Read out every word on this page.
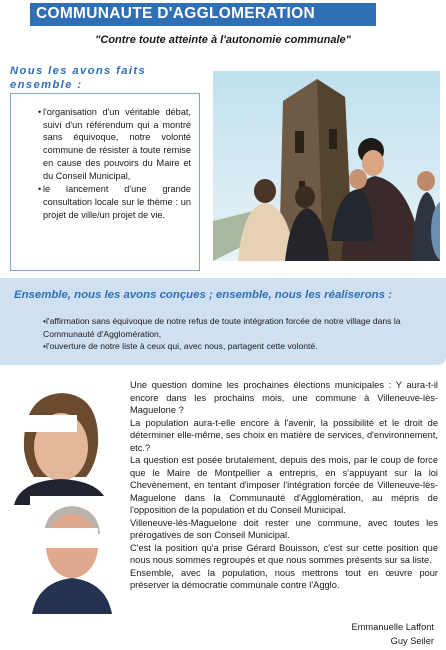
COMMUNAUTE D'AGGLOMERATION
"Contre toute atteinte à l'autonomie communale"
Nous les avons faits
ensemble :
• l'organisation d'un véritable débat, suivi d'un référendum qui a montré sans équivoque, notre volonté commune de résister à toute remise en cause des pouvoirs du Maire et du Conseil Municipal,
• le lancement d'une grande consultation locale sur le thème : un projet de ville/un projet de vie.
Ensemble, nous les avons conçues ; ensemble, nous les réaliserons :
•l'affirmation sans équivoque de notre refus de toute intégration forcée de notre village dans la Communauté d'Agglomération,
•l'ouverture de notre liste à ceux qui, avec nous, partagent cette volonté.

Une question domine les prochaines élections municipales : Y aura-t-il encore dans les prochains mois, une commune à Villeneuve-lès-Maguelone ?

La population aura-t-elle encore à l'avenir, la possibilité et le droit de déterminer elle-même, ses choix en matière de services, d'environnement, etc.?

La question est posée brutalement, depuis des mois, par le coup de force que le Maire de Montpellier a entrepris, en s'appuyant sur la loi Chevènement, en tentant d'imposer l'intégration forcée de Villeneuve-lès-Maguelone dans la Communauté d'Agglomération, au mépris de l'opposition de la population et du Conseil Municipal.

Villeneuve-lès-Maguelone doit rester une commune, avec toutes les prérogatives de son Conseil Municipal.

C'est la position qu'a prise Gérard Bouisson, c'est sur cette position que nous nous sommes regroupés et que nous sommes présents sur sa liste.

Ensemble, avec la population, nous mettrons tout en œuvre pour préserver la démocratie communale contre l'Agglo.

Emmanuelle Laffont
Guy Seiler
